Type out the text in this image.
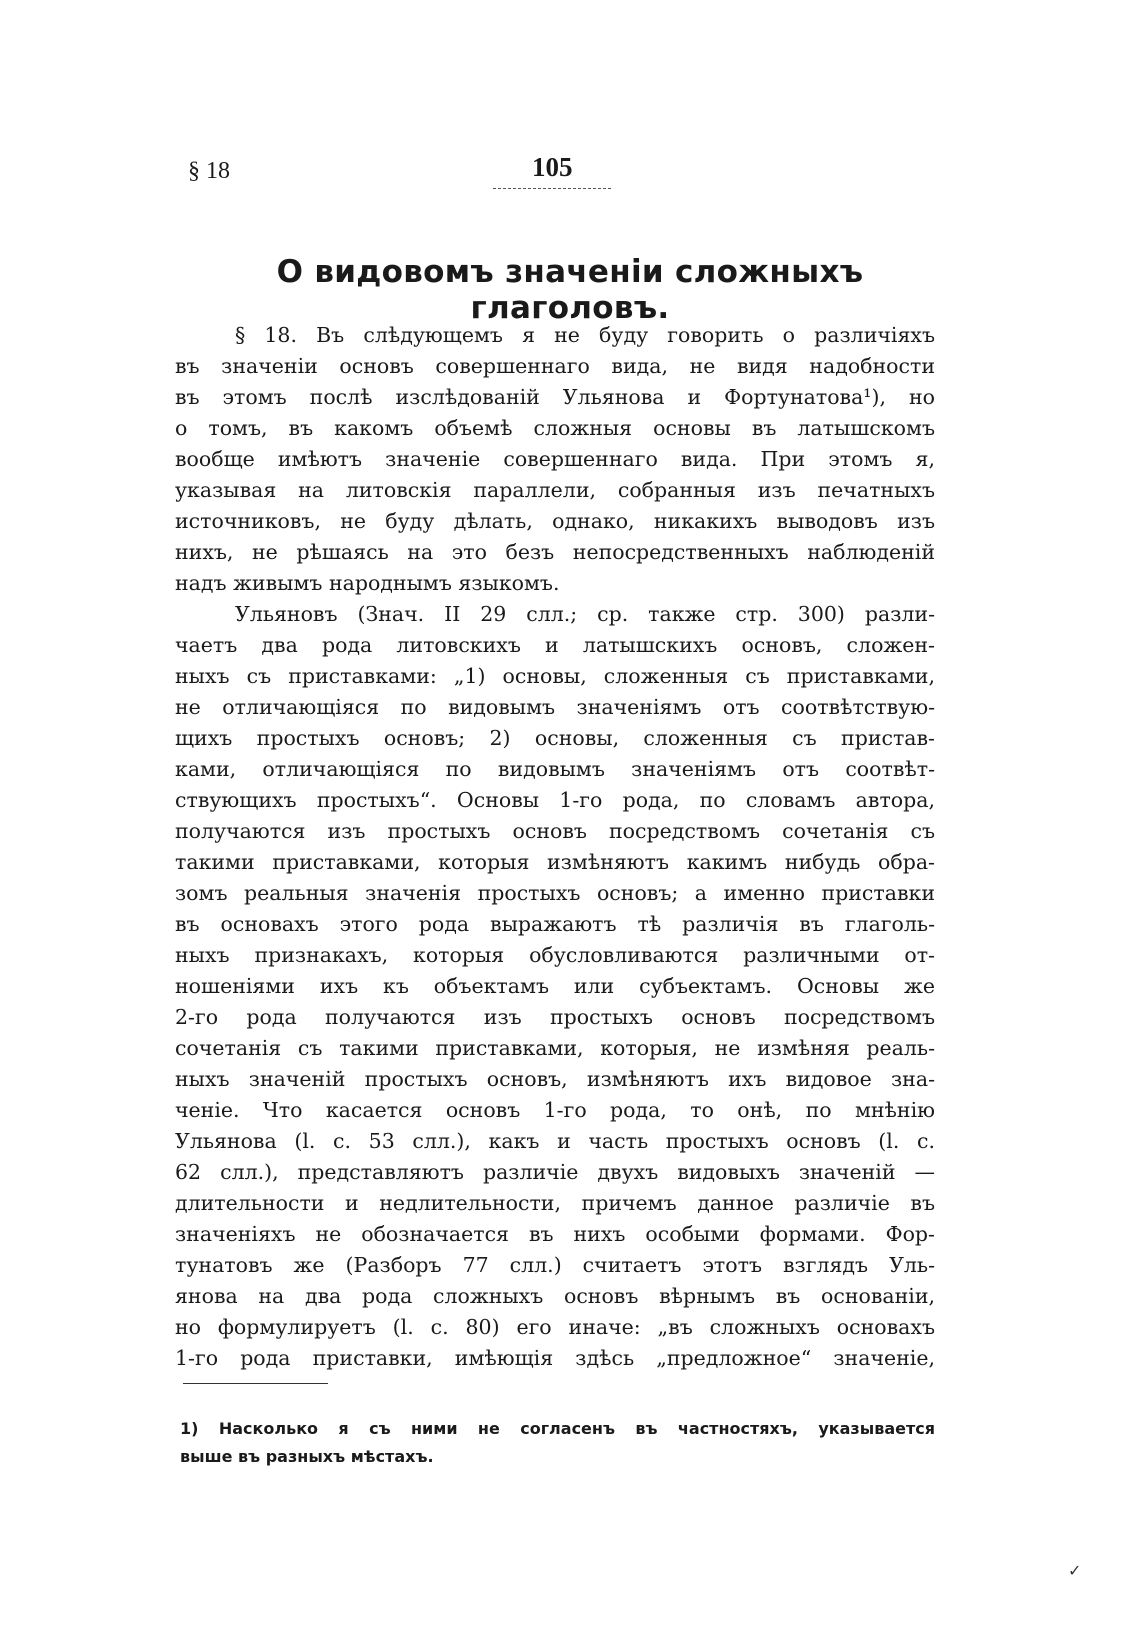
§ 18	105
О видовомъ значеніи сложныхъ глаголовъ.
§ 18. Въ слѣдующемъ я не буду говорить о различіяхъ
въ значеніи основъ совершеннаго вида, не видя надобности
въ этомъ послѣ изслѣдованій Ульянова и Фортунатова¹), но
о томъ, въ какомъ объемѣ сложныя основы въ латышскомъ
вообще имѣютъ значеніе совершеннаго вида. При этомъ я,
указывая на литовскія параллели, собранныя изъ печатныхъ
источниковъ, не буду дѣлать, однако, никакихъ выводовъ изъ
нихъ, не рѣшаясь на это безъ непосредственныхъ наблюденій
надъ живымъ народнымъ языкомъ.
Ульяновъ (Знач. II 29 слл.; ср. также стр. 300) разли-
чаетъ два рода литовскихъ и латышскихъ основъ, сложен-
ныхъ съ приставками: „1) основы, сложенныя съ приставками,
не отличающіяся по видовымъ значеніямъ отъ соотвѣтствую-
щихъ простыхъ основъ; 2) основы, сложенныя съ пристав-
ками, отличающіяся по видовымъ значеніямъ отъ соотвѣт-
ствующихъ простыхъ“. Основы 1-го рода, по словамъ автора,
получаются изъ простыхъ основъ посредствомъ сочетанія съ
такими приставками, которыя измѣняютъ какимъ нибудь обра-
зомъ реальныя значенія простыхъ основъ; а именно приставки
въ основахъ этого рода выражаютъ тѣ различія въ глаголь-
ныхъ признакахъ, которыя обусловливаются различными от-
ношеніями ихъ къ объектамъ или субъектамъ. Основы же
2-го рода получаются изъ простыхъ основъ посредствомъ
сочетанія съ такими приставками, которыя, не измѣняя реаль-
ныхъ значеній простыхъ основъ, измѣняютъ ихъ видовое зна-
ченіе. Что касается основъ 1-го рода, то онѣ, по мнѣнію
Ульянова (l. с. 53 слл.), какъ и часть простыхъ основъ (l. с.
62 слл.), представляютъ различіе двухъ видовыхъ значеній —
длительности и недлительности, причемъ данное различіе въ
значеніяхъ не обозначается въ нихъ особыми формами. Фор-
тунатовъ же (Разборъ 77 слл.) считаетъ этотъ взглядъ Уль-
янова на два рода сложныхъ основъ вѣрнымъ въ основаніи,
но формулируетъ (l. с. 80) его иначе: „въ сложныхъ основахъ
1-го рода приставки, имѣющія здѣсь „предложное“ значеніе,
1) Насколько я съ ними не согласенъ въ частностяхъ, указывается
выше въ разныхъ мѣстахъ.
✓
